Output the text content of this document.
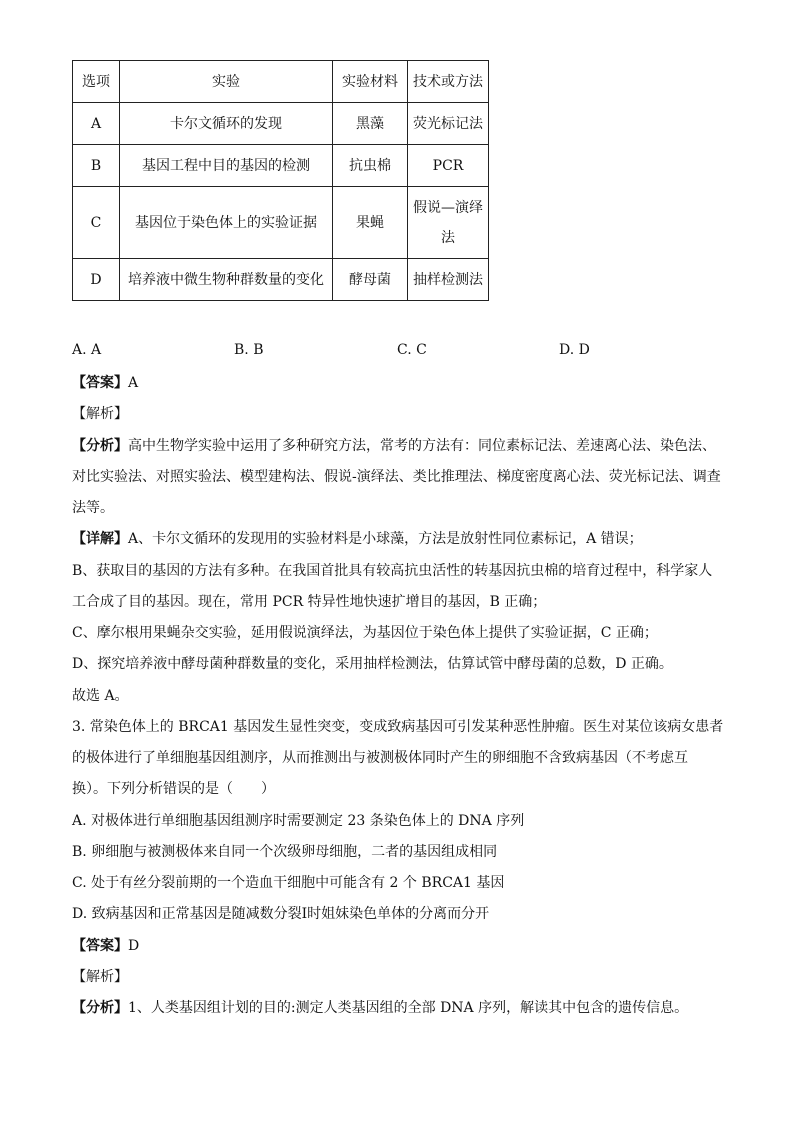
选项	实验	实验材料	技术或方法
A	卡尔文循环的发现	黑藻	荧光标记法
B	基因工程中目的基因的检测	抗虫棉	PCR
C	基因位于染色体上的实验证据	果蝇	假说—演绎
法
D	培养液中微生物种群数量的变化	酵母菌	抽样检测法
A. A	B. B	C. C	D. D
【答案】A
【解析】
【分析】高中生物学实验中运用了多种研究方法，常考的方法有：同位素标记法、差速离心法、染色法、
对比实验法、对照实验法、模型建构法、假说-演绎法、类比推理法、梯度密度离心法、荧光标记法、调查
法等。
【详解】A、卡尔文循环的发现用的实验材料是小球藻，方法是放射性同位素标记，A 错误；
B、获取目的基因的方法有多种。在我国首批具有较高抗虫活性的转基因抗虫棉的培育过程中，科学家人
工合成了目的基因。现在，常用 PCR 特异性地快速扩增目的基因，B 正确；
C、摩尔根用果蝇杂交实验，延用假说演绎法，为基因位于染色体上提供了实验证据，C 正确；
D、探究培养液中酵母菌种群数量的变化，采用抽样检测法，估算试管中酵母菌的总数，D 正确。
故选 A。
3. 常染色体上的 BRCA1 基因发生显性突变，变成致病基因可引发某种恶性肿瘤。医生对某位该病女患者
的极体进行了单细胞基因组测序，从而推测出与被测极体同时产生的卵细胞不含致病基因（不考虑互
换）。下列分析错误的是（　　）
A. 对极体进行单细胞基因组测序时需要测定 23 条染色体上的 DNA 序列
B. 卵细胞与被测极体来自同一个次级卵母细胞，二者的基因组成相同
C. 处于有丝分裂前期的一个造血干细胞中可能含有 2 个 BRCA1 基因
D. 致病基因和正常基因是随减数分裂Ⅰ时姐妹染色单体的分离而分开
【答案】D
【解析】
【分析】1、人类基因组计划的目的:测定人类基因组的全部 DNA 序列，解读其中包含的遗传信息。
